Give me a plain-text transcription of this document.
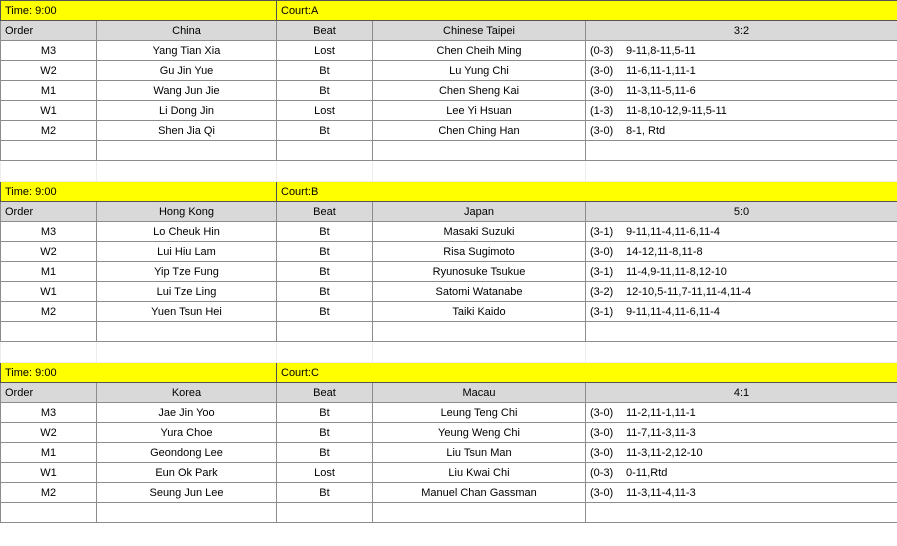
Time: 9:00		Court:A		
Order	China	Beat	Chinese Taipei	3:2
M3	Yang Tian Xia	Lost	Chen Cheih Ming	(0-3) 9-11,8-11,5-11
W2	Gu Jin Yue	Bt	Lu Yung Chi	(3-0) 11-6,11-1,11-1
M1	Wang Jun Jie	Bt	Chen Sheng Kai	(3-0) 11-3,11-5,11-6
W1	Li Dong Jin	Lost	Lee Yi Hsuan	(1-3) 11-8,10-12,9-11,5-11
M2	Shen Jia Qi	Bt	Chen Ching Han	(3-0) 8-1, Rtd

Time: 9:00		Court:B		
Order	Hong Kong	Beat	Japan	5:0
M3	Lo Cheuk Hin	Bt	Masaki Suzuki	(3-1) 9-11,11-4,11-6,11-4
W2	Lui Hiu Lam	Bt	Risa Sugimoto	(3-0) 14-12,11-8,11-8
M1	Yip Tze Fung	Bt	Ryunosuke Tsukue	(3-1) 11-4,9-11,11-8,12-10
W1	Lui Tze Ling	Bt	Satomi Watanabe	(3-2) 12-10,5-11,7-11,11-4,11-4
M2	Yuen Tsun Hei	Bt	Taiki Kaido	(3-1) 9-11,11-4,11-6,11-4

Time: 9:00		Court:C		
Order	Korea	Beat	Macau	4:1
M3	Jae Jin Yoo	Bt	Leung Teng Chi	(3-0) 11-2,11-1,11-1
W2	Yura Choe	Bt	Yeung Weng Chi	(3-0) 11-7,11-3,11-3
M1	Geondong Lee	Bt	Liu Tsun Man	(3-0) 11-3,11-2,12-10
W1	Eun Ok Park	Lost	Liu Kwai Chi	(0-3) 0-11,Rtd
M2	Seung Jun Lee	Bt	Manuel Chan Gassman	(3-0) 11-3,11-4,11-3
